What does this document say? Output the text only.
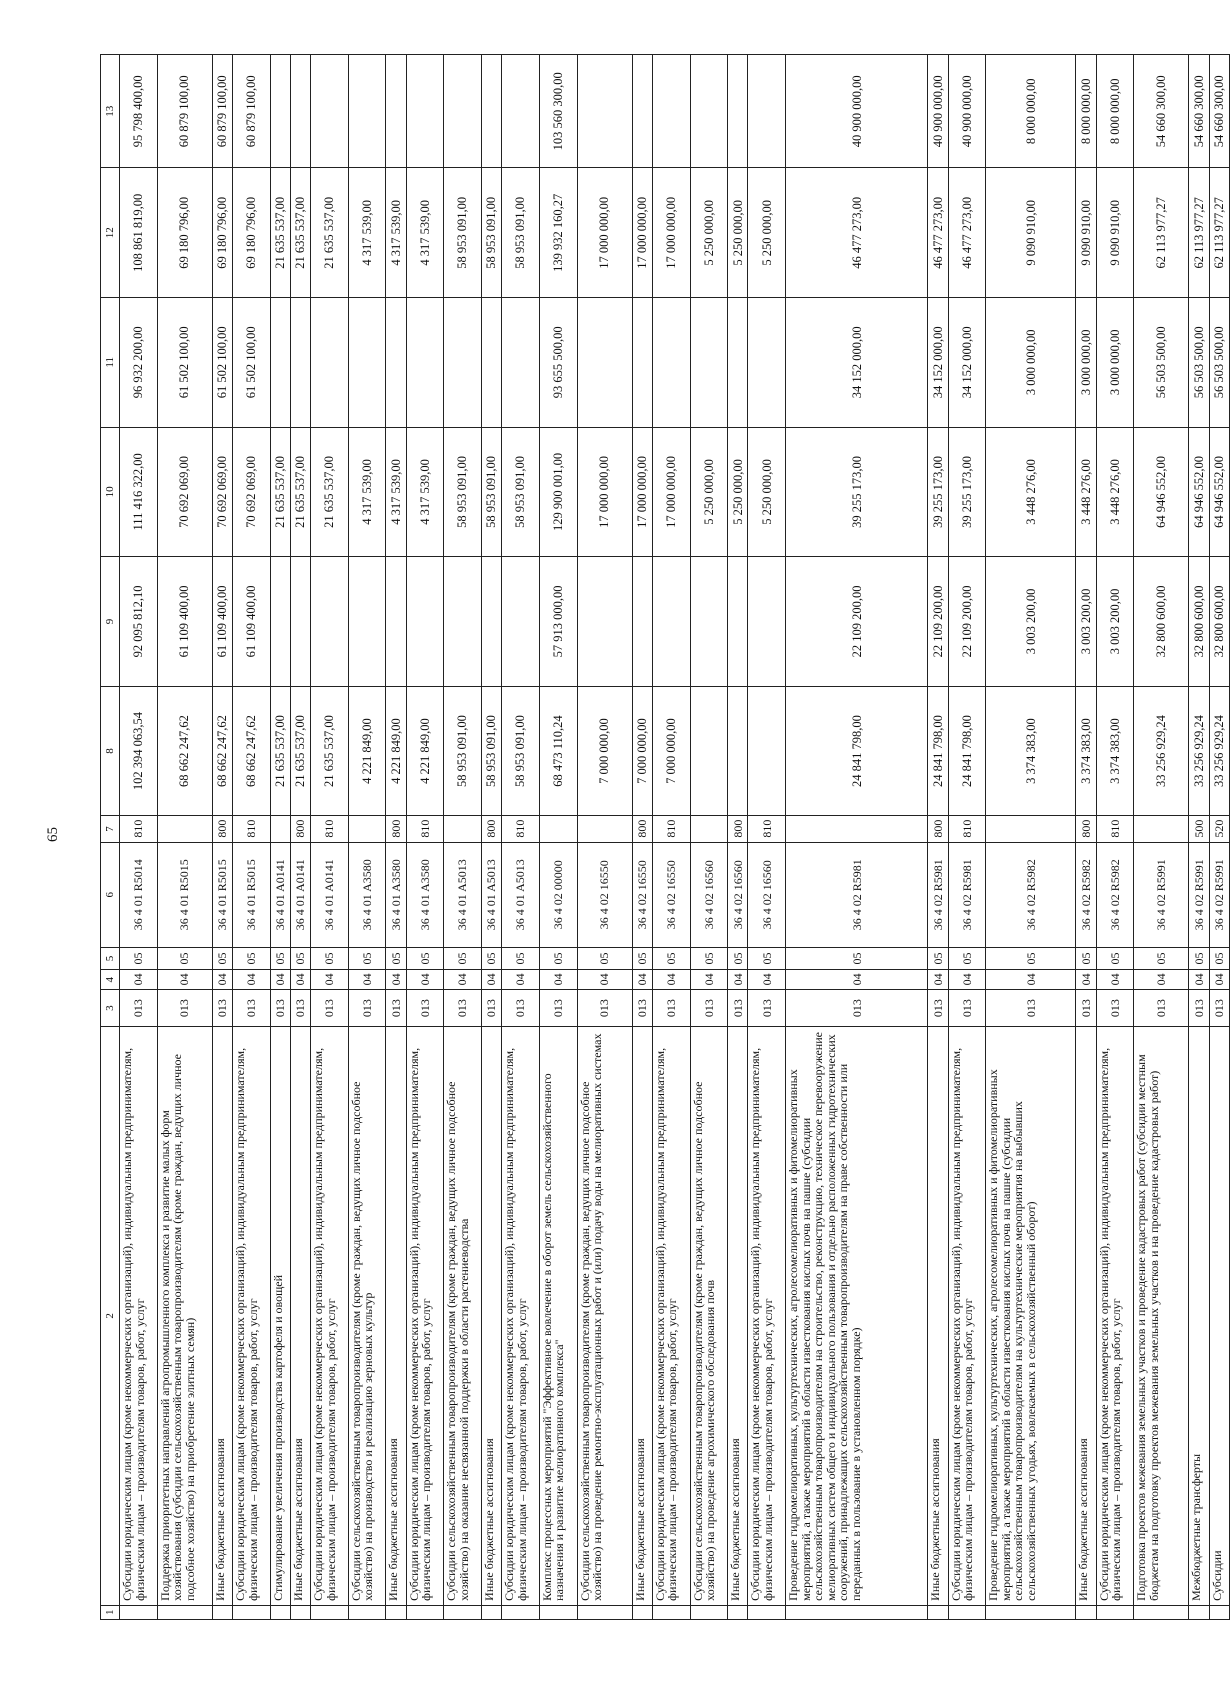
65
1	2	3	4	5	6	7	8	9	10	11	12	13
	Субсидии юридическим лицам (кроме некоммерческих организаций), индивидуальным предпринимателям, физическим лицам – производителям товаров, работ, услуг	013	04	05	36 4 01 R5014	810	102 394 063,54	92 095 812,10	111 416 322,00	96 932 200,00	108 861 819,00	95 798 400,00
	Поддержка приоритетных направлений агропромышленного комплекса и развитие малых форм хозяйствования (субсидии сельскохозяйственным товаропроизводителям (кроме граждан, ведущих личное подсобное хозяйство) на приобретение элитных семян)	013	04	05	36 4 01 R5015		68 662 247,62	61 109 400,00	70 692 069,00	61 502 100,00	69 180 796,00	60 879 100,00
	Иные бюджетные ассигнования	013	04	05	36 4 01 R5015	800	68 662 247,62	61 109 400,00	70 692 069,00	61 502 100,00	69 180 796,00	60 879 100,00
	Субсидии юридическим лицам (кроме некоммерческих организаций), индивидуальным предпринимателям, физическим лицам – производителям товаров, работ, услуг	013	04	05	36 4 01 R5015	810	68 662 247,62	61 109 400,00	70 692 069,00	61 502 100,00	69 180 796,00	60 879 100,00
	Стимулирование увеличения производства картофеля и овощей	013	04	05	36 4 01 A0141		21 635 537,00		21 635 537,00		21 635 537,00	
	Иные бюджетные ассигнования	013	04	05	36 4 01 A0141	800	21 635 537,00		21 635 537,00		21 635 537,00	
	Субсидии юридическим лицам (кроме некоммерческих организаций), индивидуальным предпринимателям, физическим лицам – производителям товаров, работ, услуг	013	04	05	36 4 01 A0141	810	21 635 537,00		21 635 537,00		21 635 537,00	
	Субсидии сельскохозяйственным товаропроизводителям (кроме граждан, ведущих личное подсобное хозяйство) на производство и реализацию зерновых культур	013	04	05	36 4 01 A3580		4 221 849,00		4 317 539,00		4 317 539,00	
	Иные бюджетные ассигнования	013	04	05	36 4 01 A3580	800	4 221 849,00		4 317 539,00		4 317 539,00	
	Субсидии юридическим лицам (кроме некоммерческих организаций), индивидуальным предпринимателям, физическим лицам – производителям товаров, работ, услуг	013	04	05	36 4 01 A3580	810	4 221 849,00		4 317 539,00		4 317 539,00	
	Субсидии сельскохозяйственным товаропроизводителям (кроме граждан, ведущих личное подсобное хозяйство) на оказание несвязанной поддержки в области растениеводства	013	04	05	36 4 01 A5013		58 953 091,00		58 953 091,00		58 953 091,00	
	Иные бюджетные ассигнования	013	04	05	36 4 01 A5013	800	58 953 091,00		58 953 091,00		58 953 091,00	
	Субсидии юридическим лицам (кроме некоммерческих организаций), индивидуальным предпринимателям, физическим лицам – производителям товаров, работ, услуг	013	04	05	36 4 01 A5013	810	58 953 091,00		58 953 091,00		58 953 091,00	
	Комплекс процессных мероприятий "Эффективное вовлечение в оборот земель сельскохозяйственного назначения и развитие мелиоративного комплекса"	013	04	05	36 4 02 00000		68 473 110,24	57 913 000,00	129 900 001,00	93 655 500,00	139 932 160,27	103 560 300,00
	Субсидии сельскохозяйственным товаропроизводителям (кроме граждан, ведущих личное подсобное хозяйство) на проведение ремонтно-эксплуатационных работ и (или) подачу воды на мелиоративных системах	013	04	05	36 4 02 16550		7 000 000,00		17 000 000,00		17 000 000,00	
	Иные бюджетные ассигнования	013	04	05	36 4 02 16550	800	7 000 000,00		17 000 000,00		17 000 000,00	
	Субсидии юридическим лицам (кроме некоммерческих организаций), индивидуальным предпринимателям, физическим лицам – производителям товаров, работ, услуг	013	04	05	36 4 02 16550	810	7 000 000,00		17 000 000,00		17 000 000,00	
	Субсидии сельскохозяйственным товаропроизводителям (кроме граждан, ведущих личное подсобное хозяйство) на проведение агрохимического обследования почв	013	04	05	36 4 02 16560				5 250 000,00		5 250 000,00	
	Иные бюджетные ассигнования	013	04	05	36 4 02 16560	800			5 250 000,00		5 250 000,00	
	Субсидии юридическим лицам (кроме некоммерческих организаций), индивидуальным предпринимателям, физическим лицам – производителям товаров, работ, услуг	013	04	05	36 4 02 16560	810			5 250 000,00		5 250 000,00	
	Проведение гидромелиоративных, культуртехнических, агролесомелиоративных и фитомелиоративных мероприятий, а также мероприятий в области известкования кислых почв на пашне (субсидии сельскохозяйственным товаропроизводителям на строительство, реконструкцию, техническое перевооружение мелиоративных систем общего и индивидуального пользования и отдельно расположенных гидротехнических сооружений, принадлежащих сельскохозяйственным товаропроизводителям на праве собственности или переданных в пользование в установленном порядке)	013	04	05	36 4 02 R5981		24 841 798,00	22 109 200,00	39 255 173,00	34 152 000,00	46 477 273,00	40 900 000,00
	Иные бюджетные ассигнования	013	04	05	36 4 02 R5981	800	24 841 798,00	22 109 200,00	39 255 173,00	34 152 000,00	46 477 273,00	40 900 000,00
	Субсидии юридическим лицам (кроме некоммерческих организаций), индивидуальным предпринимателям, физическим лицам – производителям товаров, работ, услуг	013	04	05	36 4 02 R5981	810	24 841 798,00	22 109 200,00	39 255 173,00	34 152 000,00	46 477 273,00	40 900 000,00
	Проведение гидромелиоративных, культуртехнических, агролесомелиоративных и фитомелиоративных мероприятий, а также мероприятий в области известкования кислых почв на пашне (субсидии сельскохозяйственным товаропроизводителям на культуртехнические мероприятия на выбывших сельскохозяйственных угодьях, вовлекаемых в сельскохозяйственный оборот)	013	04	05	36 4 02 R5982		3 374 383,00	3 003 200,00	3 448 276,00	3 000 000,00	9 090 910,00	8 000 000,00
	Иные бюджетные ассигнования	013	04	05	36 4 02 R5982	800	3 374 383,00	3 003 200,00	3 448 276,00	3 000 000,00	9 090 910,00	8 000 000,00
	Субсидии юридическим лицам (кроме некоммерческих организаций), индивидуальным предпринимателям, физическим лицам – производителям товаров, работ, услуг	013	04	05	36 4 02 R5982	810	3 374 383,00	3 003 200,00	3 448 276,00	3 000 000,00	9 090 910,00	8 000 000,00
	Подготовка проектов межевания земельных участков и проведение кадастровых работ (субсидии местным бюджетам на подготовку проектов межевания земельных участков и на проведение кадастровых работ)	013	04	05	36 4 02 R5991		33 256 929,24	32 800 600,00	64 946 552,00	56 503 500,00	62 113 977,27	54 660 300,00
	Межбюджетные трансферты	013	04	05	36 4 02 R5991	500	33 256 929,24	32 800 600,00	64 946 552,00	56 503 500,00	62 113 977,27	54 660 300,00
	Субсидии	013	04	05	36 4 02 R5991	520	33 256 929,24	32 800 600,00	64 946 552,00	56 503 500,00	62 113 977,27	54 660 300,00
